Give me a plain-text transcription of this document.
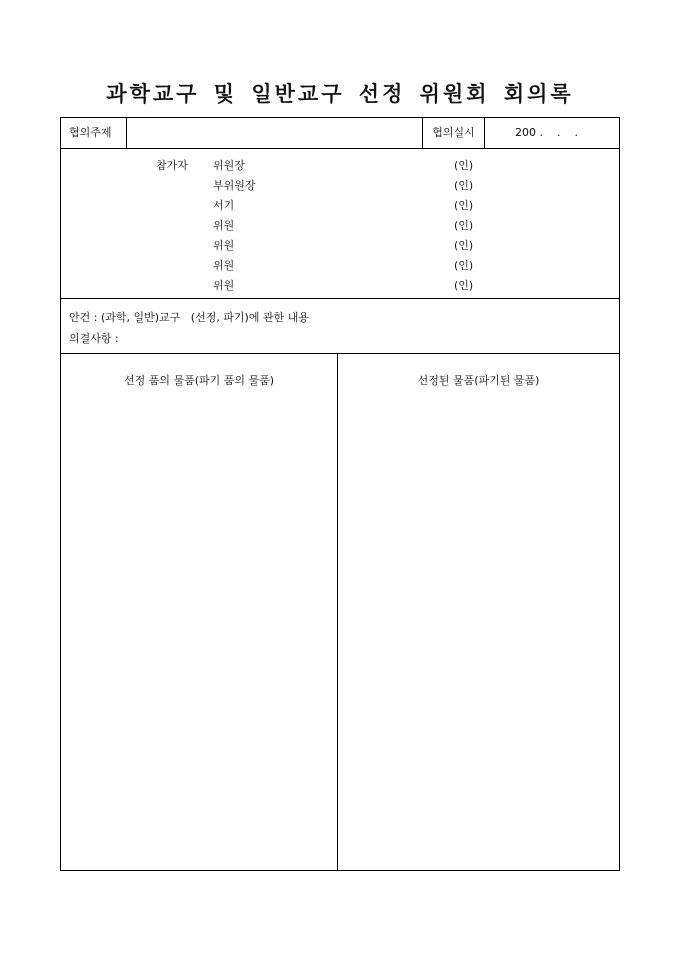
과학교구 및 일반교구 선정 위원회 회의록
협의주제	협의실시	200 .    .    .
참가자 위원장	(인)
부위원장	(인)
서기	(인)
위원	(인)
위원	(인)
위원	(인)
위원	(인)
안건 : (과학, 일반)교구   (선정, 파기)에 관한 내용
의결사항 :
선정 품의 물품(파기 품의 물품)	선정된 물품(파기된 물품)
